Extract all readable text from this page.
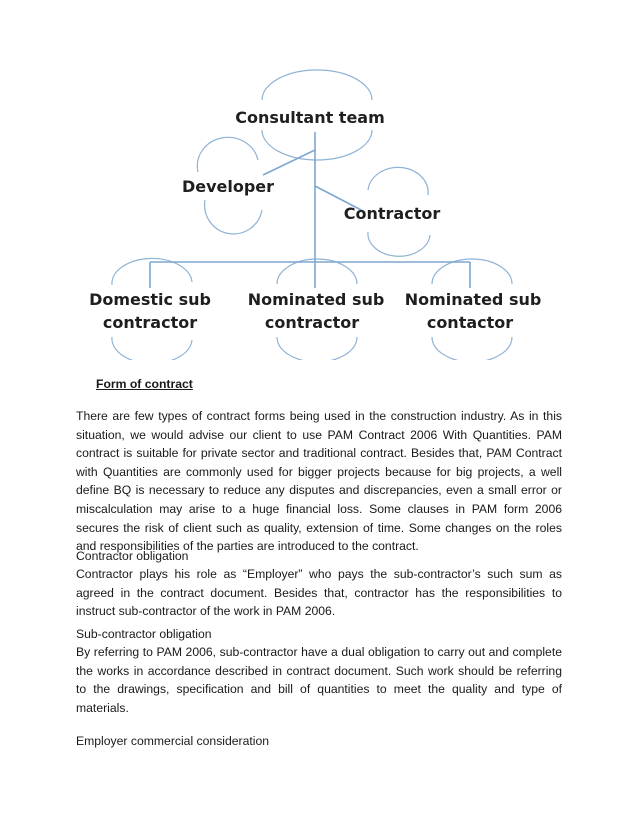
Consultant team
Developer
Contractor
Domestic sub
contractor
Nominated sub
contractor
Nominated sub
contactor

Form of contract

There are few types of contract forms being used in the construction industry. As in this situation, we would advise our client to use PAM Contract 2006 With Quantities. PAM contract is suitable for private sector and traditional contract. Besides that, PAM Contract with Quantities are commonly used for bigger projects because for big projects, a well define BQ is necessary to reduce any disputes and discrepancies, even a small error or miscalculation may arise to a huge financial loss. Some clauses in PAM form 2006 secures the risk of client such as quality, extension of time. Some changes on the roles and responsibilities of the parties are introduced to the contract.

Contractor obligation

Contractor plays his role as “Employer” who pays the sub-contractor’s such sum as agreed in the contract document. Besides that, contractor has the responsibilities to instruct sub-contractor of the work in PAM 2006.

Sub-contractor obligation

By referring to PAM 2006, sub-contractor have a dual obligation to carry out and complete the works in accordance described in contract document. Such work should be referring to the drawings, specification and bill of quantities to meet the quality and type of materials.

Employer commercial consideration
